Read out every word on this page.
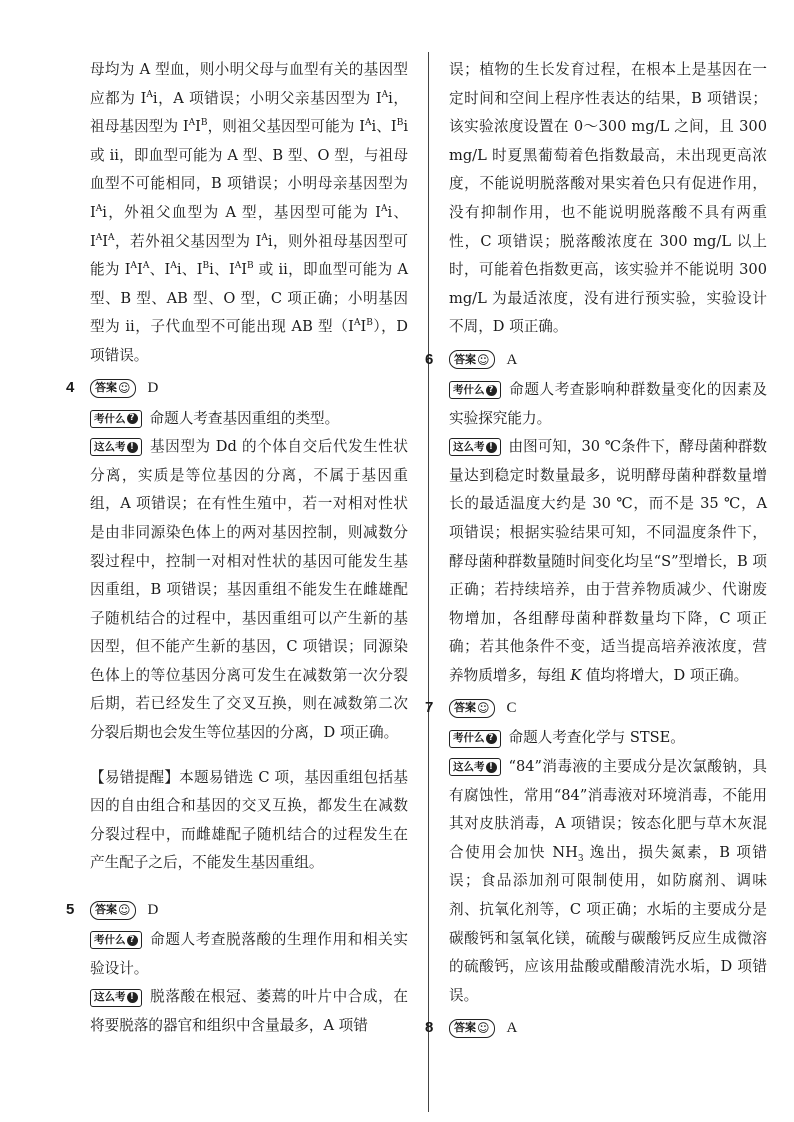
母均为 A 型血，则小明父母与血型有关的基因型应都为 $I^Ai$，A 项错误；小明父亲基因型为 $I^Ai$，祖母基因型为 $I^AI^B$，则祖父基因型可能为 $I^Ai$、$I^Bi$ 或 ii，即血型可能为 A 型、B 型、O 型，与祖母血型不可能相同，B 项错误；小明母亲基因型为 $I^Ai$，外祖父血型为 A 型，基因型可能为 $I^Ai$、$I^AI^A$，若外祖父基因型为 $I^Ai$，则外祖母基因型可能为 $I^AI^A$、$I^Ai$、$I^Bi$、$I^AI^B$ 或 ii，即血型可能为 A 型、B 型、AB 型、O 型，C 项正确；小明基因型为 ii，子代血型不可能出现 AB 型$(I^AI^B)$，D 项错误。

4 答案 ☺ D

考什么 ? 命题人考查基因重组的类型。

这么考 ! 基因型为 Dd 的个体自交后代发生性状分离，实质是等位基因的分离，不属于基因重组，A 项错误；在有性生殖中，若一对相对性状是由非同源染色体上的两对基因控制，则减数分裂过程中，控制一对相对性状的基因可能发生基因重组，B 项错误；基因重组不能发生在雌雄配子随机结合的过程中，基因重组可以产生新的基因型，但不能产生新的基因，C 项错误；同源染色体上的等位基因分离可发生在减数第一次分裂后期，若已经发生了交叉互换，则在减数第二次分裂后期也会发生等位基因的分离，D 项正确。

【易错提醒】本题易错选 C 项，基因重组包括基因的自由组合和基因的交叉互换，都发生在减数分裂过程中，而雌雄配子随机结合的过程发生在产生配子之后，不能发生基因重组。

5 答案 ☺ D

考什么 ? 命题人考查脱落酸的生理作用和相关实验设计。

这么考 ! 脱落酸在根冠、萎蔫的叶片中合成，在将要脱落的器官和组织中含量最多，A 项错

误；植物的生长发育过程，在根本上是基因在一定时间和空间上程序性表达的结果，B 项错误；该实验浓度设置在 0～300 mg/L 之间，且 300 mg/L 时夏黑葡萄着色指数最高，未出现更高浓度，不能说明脱落酸对果实着色只有促进作用，没有抑制作用，也不能说明脱落酸不具有两重性，C 项错误；脱落酸浓度在 300 mg/L 以上时，可能着色指数更高，该实验并不能说明 300 mg/L 为最适浓度，没有进行预实验，实验设计不周，D 项正确。

6 答案 ☺ A

考什么 ? 命题人考查影响种群数量变化的因素及实验探究能力。

这么考 ! 由图可知，30 ℃条件下，酵母菌种群数量达到稳定时数量最多，说明酵母菌种群数量增长的最适温度大约是 30 ℃，而不是 35 ℃，A 项错误；根据实验结果可知，不同温度条件下，酵母菌种群数量随时间变化均呈“S”型增长，B 项正确；若持续培养，由于营养物质减少、代谢废物增加，各组酵母菌种群数量均下降，C 项正确；若其他条件不变，适当提高培养液浓度，营养物质增多，每组 K 值均将增大，D 项正确。

7 答案 ☺ C

考什么 ? 命题人考查化学与 STSE。

这么考 ! “84”消毒液的主要成分是次氯酸钠，具有腐蚀性，常用“84”消毒液对环境消毒，不能用其对皮肤消毒，A 项错误；铵态化肥与草木灰混合使用会加快 $NH_3$ 逸出，损失氮素，B 项错误；食品添加剂可限制使用，如防腐剂、调味剂、抗氧化剂等，C 项正确；水垢的主要成分是碳酸钙和氢氧化镁，硫酸与碳酸钙反应生成微溶的硫酸钙，应该用盐酸或醋酸清洗水垢，D 项错误。

8 答案 ☺ A
